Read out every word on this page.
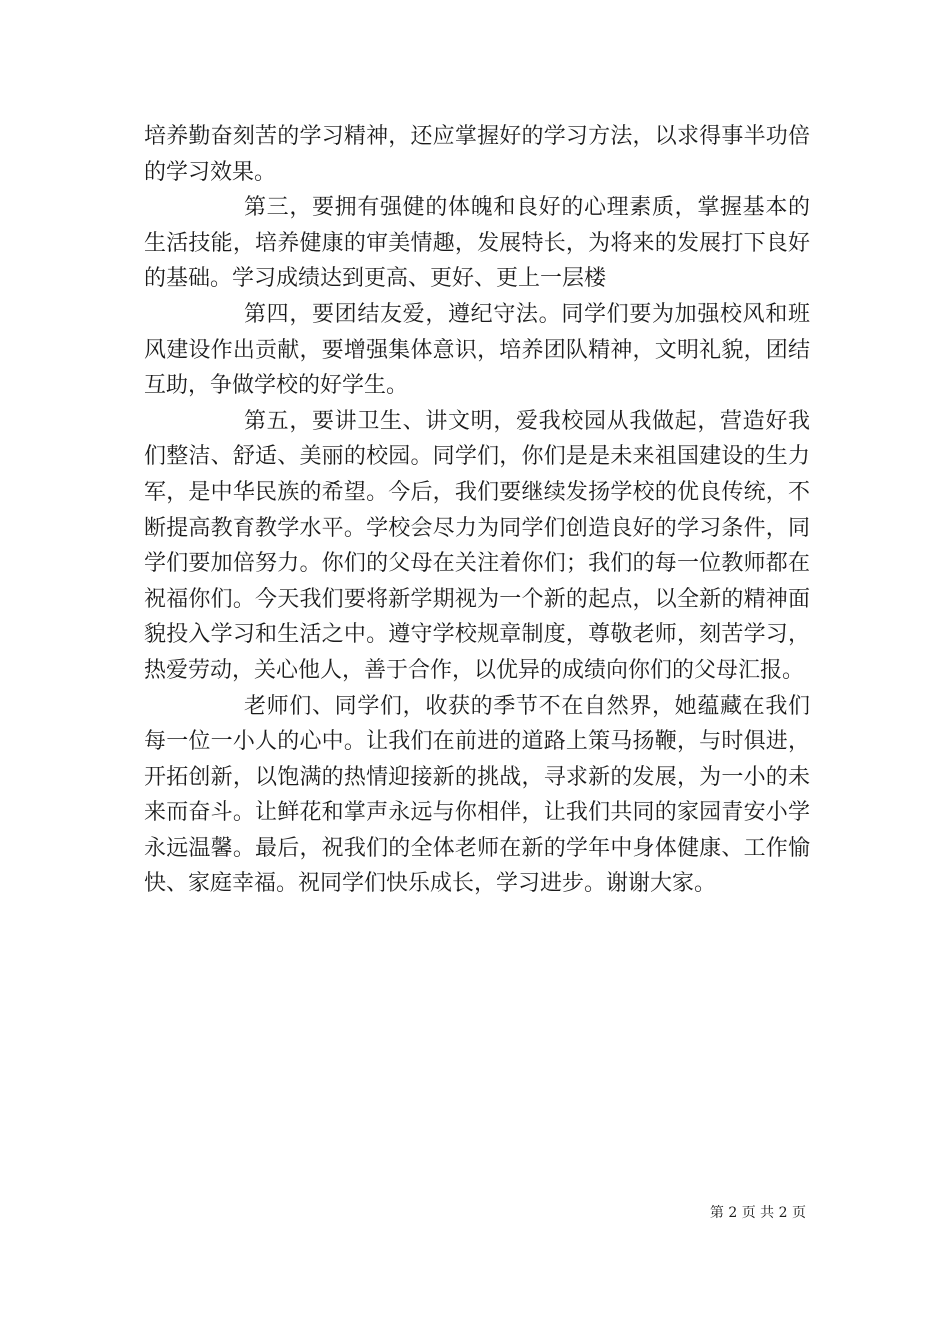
培养勤奋刻苦的学习精神，还应掌握好的学习方法，以求得事半功倍的学习效果。

第三，要拥有强健的体魄和良好的心理素质，掌握基本的生活技能，培养健康的审美情趣，发展特长，为将来的发展打下良好的基础。学习成绩达到更高、更好、更上一层楼

第四，要团结友爱，遵纪守法。同学们要为加强校风和班风建设作出贡献，要增强集体意识，培养团队精神，文明礼貌，团结互助，争做学校的好学生。

第五，要讲卫生、讲文明，爱我校园从我做起，营造好我们整洁、舒适、美丽的校园。同学们，你们是是未来祖国建设的生力军，是中华民族的希望。今后，我们要继续发扬学校的优良传统，不断提高教育教学水平。学校会尽力为同学们创造良好的学习条件，同学们要加倍努力。你们的父母在关注着你们；我们的每一位教师都在祝福你们。今天我们要将新学期视为一个新的起点，以全新的精神面貌投入学习和生活之中。遵守学校规章制度，尊敬老师，刻苦学习，热爱劳动，关心他人，善于合作，以优异的成绩向你们的父母汇报。

老师们、同学们，收获的季节不在自然界，她蕴藏在我们每一位一小人的心中。让我们在前进的道路上策马扬鞭，与时俱进，开拓创新，以饱满的热情迎接新的挑战，寻求新的发展，为一小的未来而奋斗。让鲜花和掌声永远与你相伴，让我们共同的家园青安小学永远温馨。最后，祝我们的全体老师在新的学年中身体健康、工作愉快、家庭幸福。祝同学们快乐成长，学习进步。谢谢大家。

第 2 页 共 2 页
